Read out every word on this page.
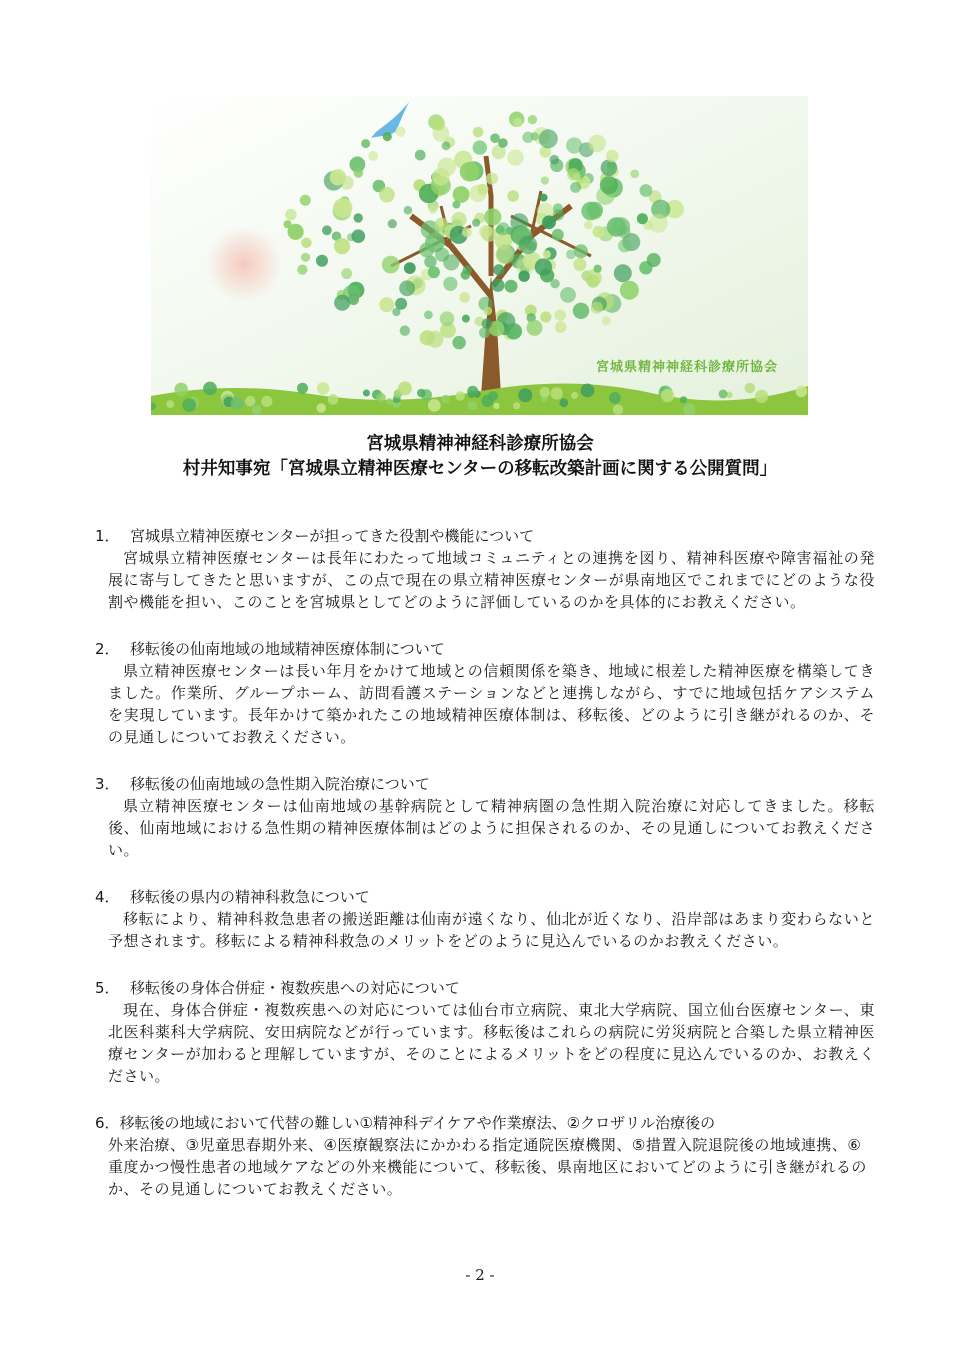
宮城県精神神経科診療所協会
宮城県精神神経科診療所協会
村井知事宛「宮城県立精神医療センターの移転改築計画に関する公開質問」
1． 宮城県立精神医療センターが担ってきた役割や機能について
宮城県立精神医療センターは長年にわたって地域コミュニティとの連携を図り、精神科医療や障害福祉の発展に寄与してきたと思いますが、この点で現在の県立精神医療センターが県南地区でこれまでにどのような役割や機能を担い、このことを宮城県としてどのように評価しているのかを具体的にお教えください。
2． 移転後の仙南地域の地域精神医療体制について
県立精神医療センターは長い年月をかけて地域との信頼関係を築き、地域に根差した精神医療を構築してきました。作業所、グループホーム、訪問看護ステーションなどと連携しながら、すでに地域包括ケアシステムを実現しています。長年かけて築かれたこの地域精神医療体制は、移転後、どのように引き継がれるのか、その見通しについてお教えください。
3． 移転後の仙南地域の急性期入院治療について
県立精神医療センターは仙南地域の基幹病院として精神病圏の急性期入院治療に対応してきました。移転後、仙南地域における急性期の精神医療体制はどのように担保されるのか、その見通しについてお教えください。
4． 移転後の県内の精神科救急について
移転により、精神科救急患者の搬送距離は仙南が遠くなり、仙北が近くなり、沿岸部はあまり変わらないと予想されます。移転による精神科救急のメリットをどのように見込んでいるのかお教えください。
5． 移転後の身体合併症・複数疾患への対応について
現在、身体合併症・複数疾患への対応については仙台市立病院、東北大学病院、国立仙台医療センター、東北医科薬科大学病院、安田病院などが行っています。移転後はこれらの病院に労災病院と合築した県立精神医療センターが加わると理解していますが、そのことによるメリットをどの程度に見込んでいるのか、お教えください。
6．移転後の地域において代替の難しい①精神科デイケアや作業療法、②クロザリル治療後の
外来治療、③児童思春期外来、④医療観察法にかかわる指定通院医療機関、⑤措置入院退院後の地域連携、⑥重度かつ慢性患者の地域ケアなどの外来機能について、移転後、県南地区においてどのように引き継がれるのか、その見通しについてお教えください。
- 2 -
